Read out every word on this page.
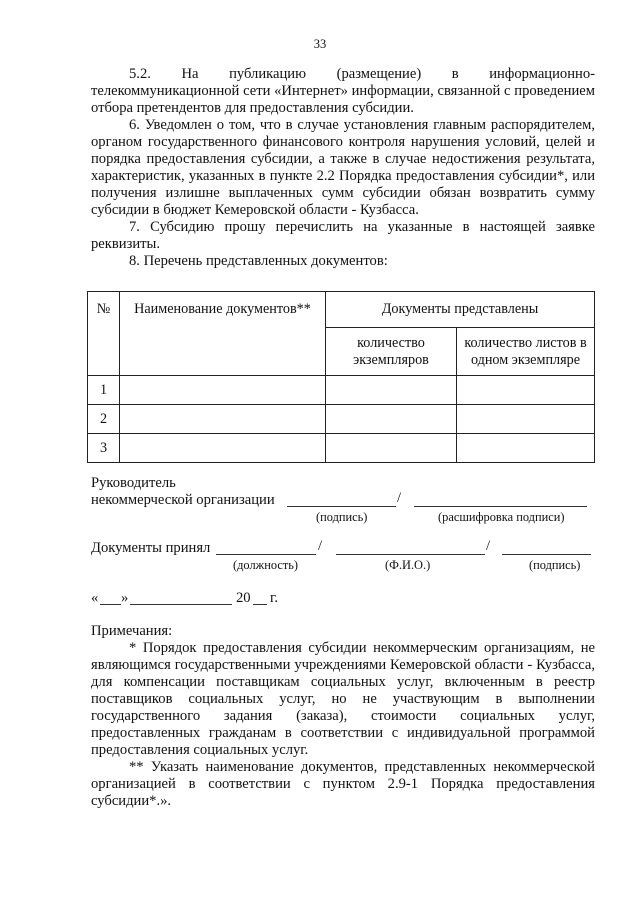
33

5.2. На публикацию (размещение) в информационно-телекоммуникационной сети «Интернет» информации, связанной с проведением отбора претендентов для предоставления субсидии.

6. Уведомлен о том, что в случае установления главным распорядителем, органом государственного финансового контроля нарушения условий, целей и порядка предоставления субсидии, а также в случае недостижения результата, характеристик, указанных в пункте 2.2 Порядка предоставления субсидии*, или получения излишне выплаченных сумм субсидии обязан возвратить сумму субсидии в бюджет Кемеровской области - Кузбасса.

7. Субсидию прошу перечислить на указанные в настоящей заявке реквизиты.

8. Перечень представленных документов:

№	Наименование документов**	Документы представлены	
		количество экземпляров	количество листов в одном экземпляре
1			
2			
3			
Руководитель
некоммерческой организации	/
(подпись)	(расшифровка подписи)
Документы принял	/	/
(должность)	(Ф.И.О.)	(подпись)
« »	20 г.

Примечания:

* Порядок предоставления субсидии некоммерческим организациям, не являющимся государственными учреждениями Кемеровской области - Кузбасса, для компенсации поставщикам социальных услуг, включенным в реестр поставщиков социальных услуг, но не участвующим в выполнении государственного задания (заказа), стоимости социальных услуг, предоставленных гражданам в соответствии с индивидуальной программой предоставления социальных услуг.

** Указать наименование документов, представленных некоммерческой организацией в соответствии с пунктом 2.9-1 Порядка предоставления субсидии*.».
